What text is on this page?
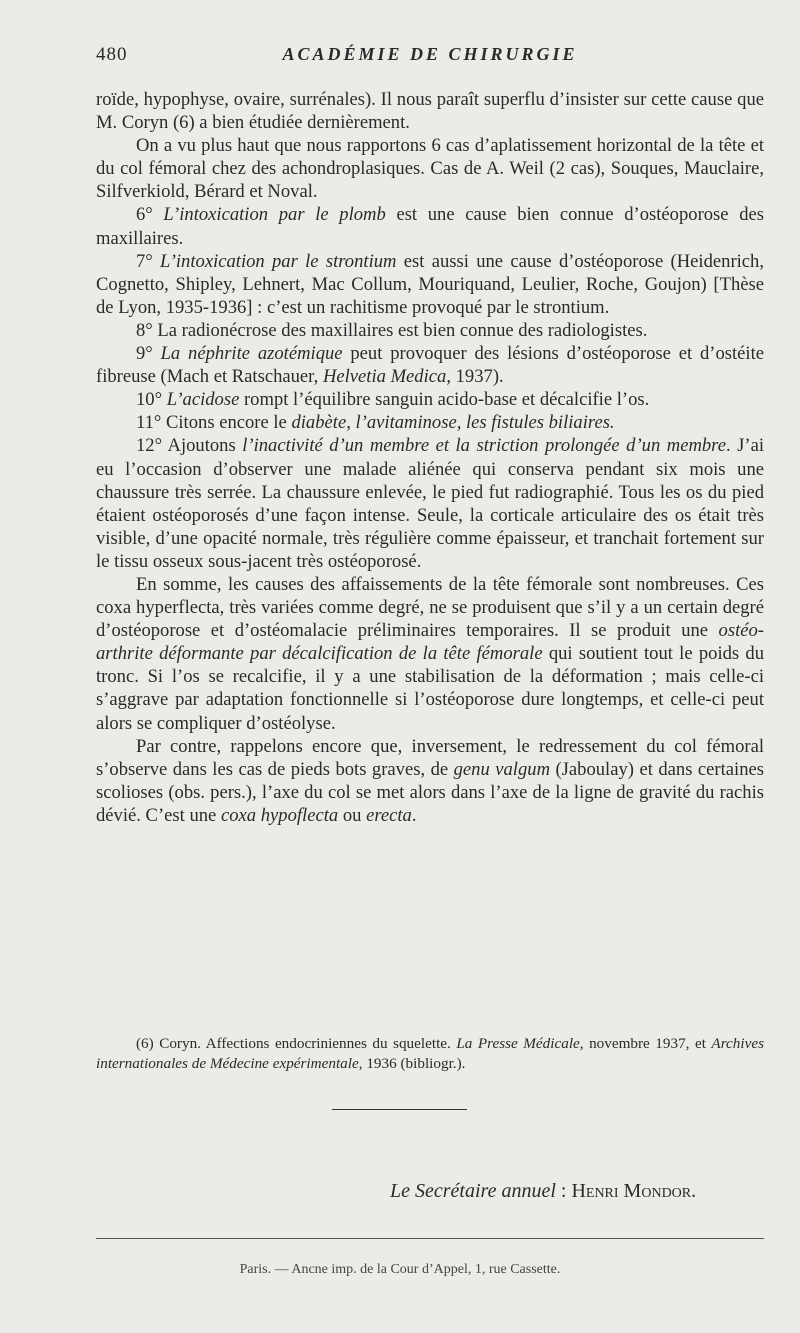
480	ACADÉMIE DE CHIRURGIE

roïde, hypophyse, ovaire, surrénales). Il nous paraît superflu d’insister sur cette cause que M. Coryn (6) a bien étudiée dernièrement.

On a vu plus haut que nous rapportons 6 cas d’aplatissement horizontal de la tête et du col fémoral chez des achondroplasiques. Cas de A. Weil (2 cas), Souques, Mauclaire, Silfverkiold, Bérard et Noval.

6° L’intoxication par le plomb est une cause bien connue d’ostéoporose des maxillaires.

7° L’intoxication par le strontium est aussi une cause d’ostéoporose (Heidenrich, Cognetto, Shipley, Lehnert, Mac Collum, Mouriquand, Leulier, Roche, Goujon) [Thèse de Lyon, 1935-1936] : c’est un rachitisme provoqué par le strontium.

8° La radionécrose des maxillaires est bien connue des radiologistes.

9° La néphrite azotémique peut provoquer des lésions d’ostéoporose et d’ostéite fibreuse (Mach et Ratschauer, Helvetia Medica, 1937).

10° L’acidose rompt l’équilibre sanguin acido-base et décalcifie l’os.

11° Citons encore le diabète, l’avitaminose, les fistules biliaires.

12° Ajoutons l’inactivité d’un membre et la striction prolongée d’un membre. J’ai eu l’occasion d’observer une malade aliénée qui conserva pendant six mois une chaussure très serrée. La chaussure enlevée, le pied fut radiographié. Tous les os du pied étaient ostéoporosés d’une façon intense. Seule, la corticale articulaire des os était très visible, d’une opacité normale, très régulière comme épaisseur, et tranchait fortement sur le tissu osseux sous-jacent très ostéoporosé.

En somme, les causes des affaissements de la tête fémorale sont nombreuses. Ces coxa hyperflecta, très variées comme degré, ne se produisent que s’il y a un certain degré d’ostéoporose et d’ostéomalacie préliminaires temporaires. Il se produit une ostéo-arthrite déformante par décalcification de la tête fémorale qui soutient tout le poids du tronc. Si l’os se recalcifie, il y a une stabilisation de la déformation ; mais celle-ci s’aggrave par adaptation fonctionnelle si l’ostéoporose dure longtemps, et celle-ci peut alors se compliquer d’ostéolyse.

Par contre, rappelons encore que, inversement, le redressement du col fémoral s’observe dans les cas de pieds bots graves, de genu valgum (Jaboulay) et dans certaines scolioses (obs. pers.), l’axe du col se met alors dans l’axe de la ligne de gravité du rachis dévié. C’est une coxa hypoflecta ou erecta.

(6) Coryn. Affections endocriniennes du squelette. La Presse Médicale, novembre 1937, et Archives internationales de Médecine expérimentale, 1936 (bibliogr.).

Le Secrétaire annuel : Henri Mondor.
Paris. — Ancne imp. de la Cour d’Appel, 1, rue Cassette.
